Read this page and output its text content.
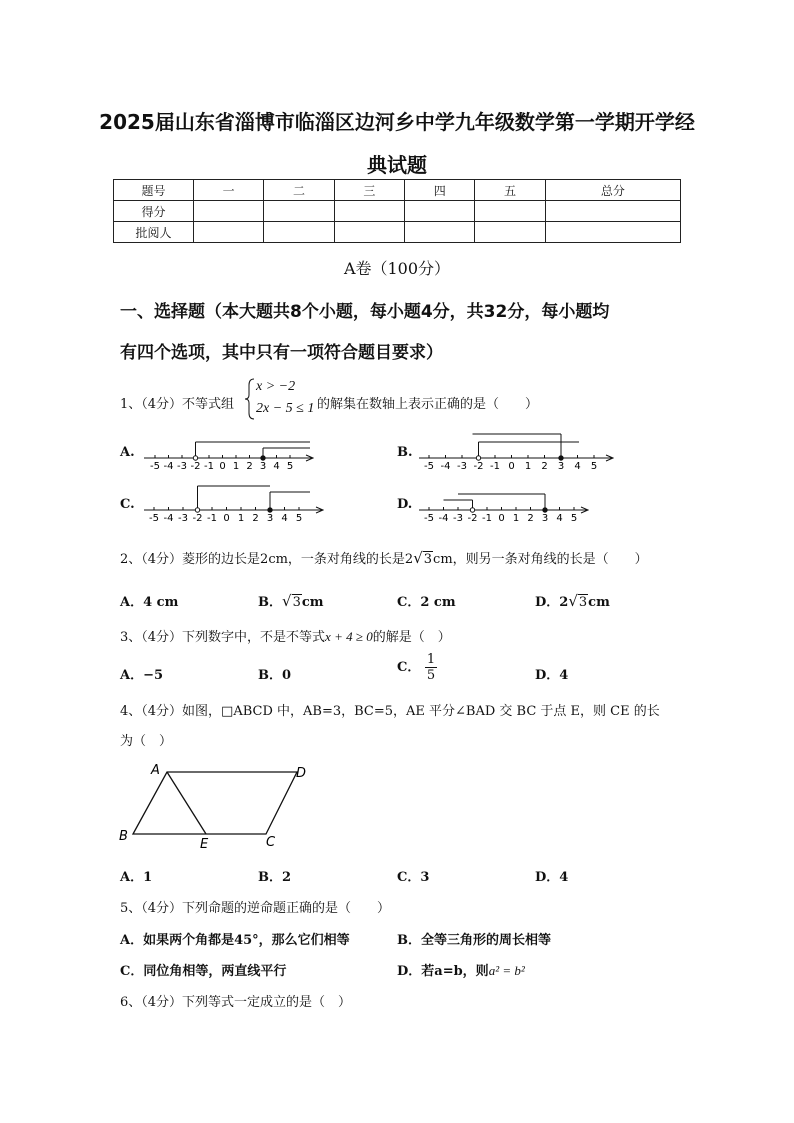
2025届山东省淄博市临淄区边河乡中学九年级数学第一学期开学经
典试题
题号	一	二	三	四	五	总分
得分						
批阅人						
A卷（100分）
一、选择题（本大题共8个小题，每小题4分，共32分，每小题均
有四个选项，其中只有一项符合题目要求）
1、（4分）不等式组
x > −2
2x − 5 ≤ 1 的解集在数轴上表示正确的是（　　）
A.	B.
C.	D.
-5 -4 -3 -2 -1 0 1 2 3 4 5	-5 -4 -3 -2 -1 0 1 2 3 4 5
-5 -4 -3 -2 -1 0 1 2 3 4 5	-5 -4 -3 -2 -1 0 1 2 3 4 5
2、（4分）菱形的边长是2cm，一条对角线的长是2√3cm，则另一条对角线的长是（　　）
A．4 cm	B．√3cm	C．2 cm	D．2√3cm
3、（4分）下列数字中，不是不等式x + 4 ≥ 0的解是（　）
A．−5	B．0
C． $\frac{1}{5}$	D．4
4、（4分）如图，□ABCD 中，AB=3，BC=5，AE 平分∠BAD 交 BC 于点 E，则 CE 的长
为（　）
A	D
B
E	C
A．1	B．2	C．3	D．4
5、（4分）下列命题的逆命题正确的是（　　）
A．如果两个角都是45°，那么它们相等	B．全等三角形的周长相等
C．同位角相等，两直线平行	D．若a=b，则a² = b²
6、（4分）下列等式一定成立的是（　）
